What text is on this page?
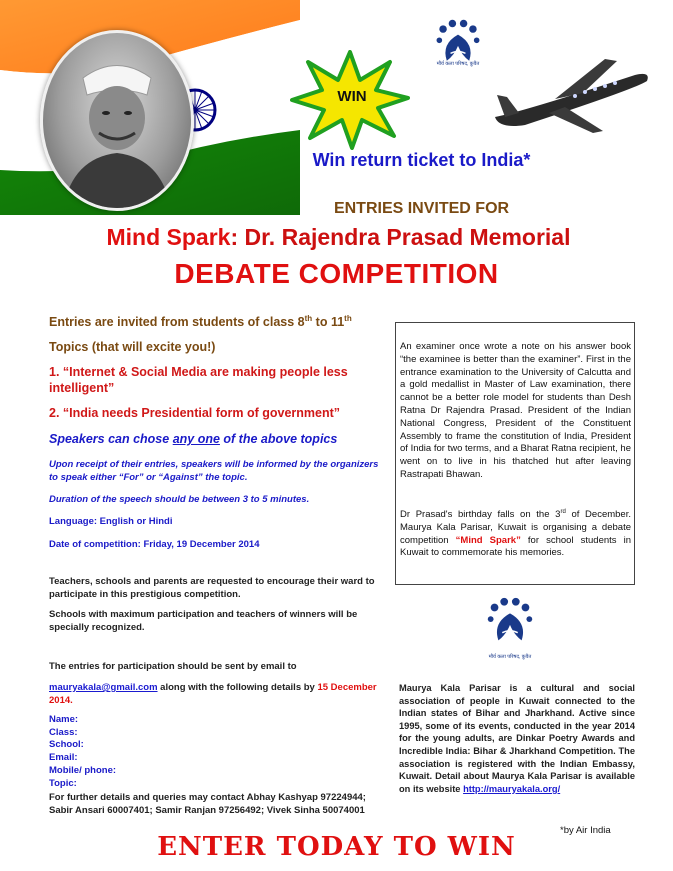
मौर्य कला परिषद, कुवैत
WIN
Win return ticket to India*
ENTRIES INVITED FOR
Mind Spark: Dr. Rajendra Prasad Memorial
DEBATE COMPETITION
Entries are invited from students of class 8th to 11th
Topics (that will excite you!)
1. “Internet & Social Media are making people less intelligent”
2. “India needs Presidential form of government”
Speakers can chose any one of the above topics
Upon receipt of their entries, speakers will be informed by the organizers to speak either “For” or “Against” the topic.
Duration of the speech should be between 3 to 5 minutes.
Language: English or Hindi
Date of competition: Friday, 19 December 2014
Teachers, schools and parents are requested to encourage their ward to participate in this prestigious competition.
Schools with maximum participation and teachers of winners will be specially recognized.
The entries for participation should be sent by email to
mauryakala@gmail.com along with the following details by 15 December 2014.
Name:
Class:
School:
Email:
Mobile/ phone:
Topic:
For further details and queries may contact Abhay Kashyap 97224944; Sabir Ansari 60007401; Samir Ranjan 97256492; Vivek Sinha 50074001
An examiner once wrote a note on his answer book “the examinee is better than the examiner”. First in the entrance examination to the University of Calcutta and a gold medallist in Master of Law examination, there cannot be a better role model for students than Desh Ratna Dr Rajendra Prasad. President of the Indian National Congress, President of the Constituent Assembly to frame the constitution of India, President of India for two terms, and a Bharat Ratna recipient, he went on to live in his thatched hut after leaving Rastrapati Bhawan.
Dr Prasad's birthday falls on the 3rd of December. Maurya Kala Parisar, Kuwait is organising a debate competition “Mind Spark” for school students in Kuwait to commemorate his memories.
मौर्य कला परिषद, कुवैत
Maurya Kala Parisar is a cultural and social association of people in Kuwait connected to the Indian states of Bihar and Jharkhand. Active since 1995, some of its events, conducted in the year 2014 for the young adults, are Dinkar Poetry Awards and Incredible India: Bihar & Jharkhand Competition. The association is registered with the Indian Embassy, Kuwait. Detail about Maurya Kala Parisar is available on its website http://mauryakala.org/
*by Air India
ENTER TODAY TO WIN
